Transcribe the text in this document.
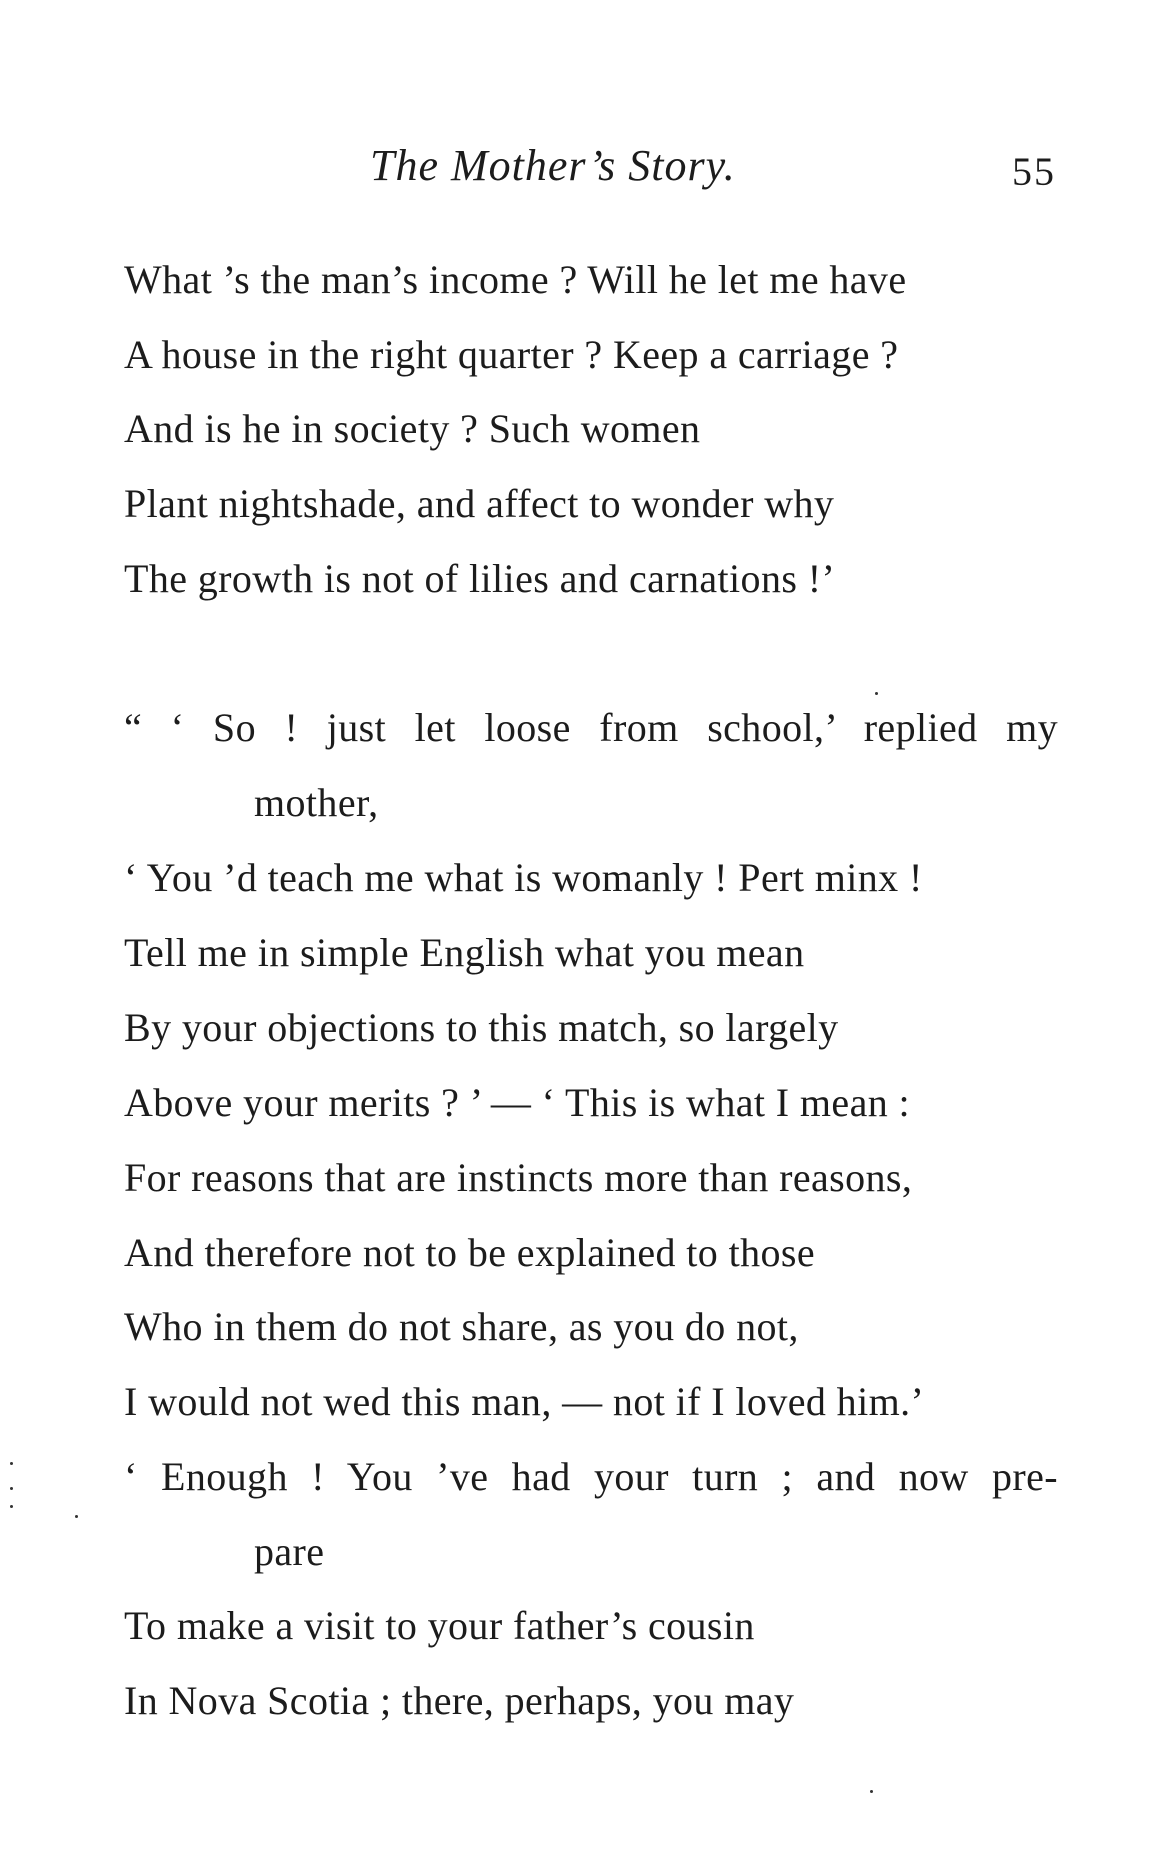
The Mother’s Story.	55
What ’s the man’s income ? Will he let me have
A house in the right quarter ? Keep a carriage ?
And is he in society ? Such women
Plant nightshade, and affect to wonder why
The growth is not of lilies and carnations !’
“ ‘ So ! just let loose from school,’ replied my
mother,
‘ You ’d teach me what is womanly ! Pert minx !
Tell me in simple English what you mean
By your objections to this match, so largely
Above your merits ? ’ — ‘ This is what I mean :
For reasons that are instincts more than reasons,
And therefore not to be explained to those
Who in them do not share, as you do not,
I would not wed this man, — not if I loved him.’
‘ Enough ! You ’ve had your turn ; and now pre-
pare
To make a visit to your father’s cousin
In Nova Scotia ; there, perhaps, you may
